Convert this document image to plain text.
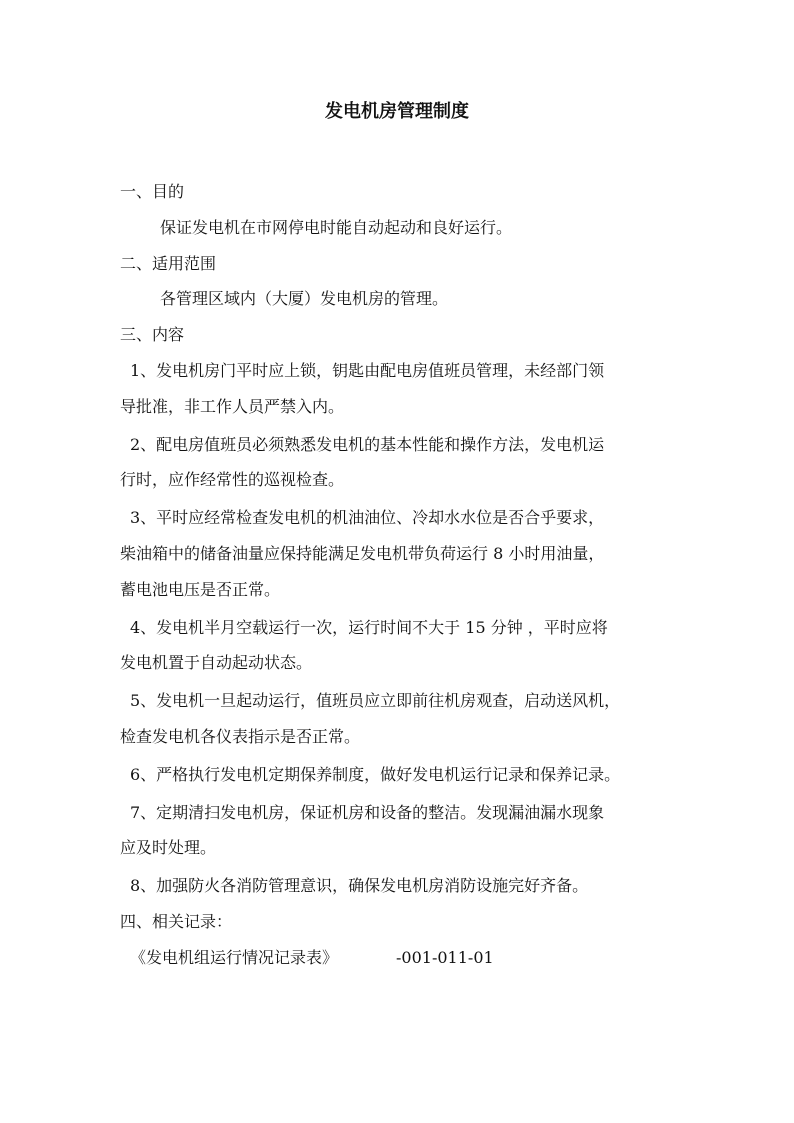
发电机房管理制度
一、目的
保证发电机在市网停电时能自动起动和良好运行。
二、适用范围
各管理区域内（大厦）发电机房的管理。
三、内容
1、发电机房门平时应上锁，钥匙由配电房值班员管理，未经部门领
导批准，非工作人员严禁入内。
2、配电房值班员必须熟悉发电机的基本性能和操作方法，发电机运
行时，应作经常性的巡视检查。
3、平时应经常检查发电机的机油油位、冷却水水位是否合乎要求，
柴油箱中的储备油量应保持能满足发电机带负荷运行 8 小时用油量，
蓄电池电压是否正常。
4、发电机半月空载运行一次，运行时间不大于 15 分钟 ，平时应将
发电机置于自动起动状态。
5、发电机一旦起动运行，值班员应立即前往机房观查，启动送风机，
检查发电机各仪表指示是否正常。
6、严格执行发电机定期保养制度，做好发电机运行记录和保养记录。
7、定期清扫发电机房，保证机房和设备的整洁。发现漏油漏水现象
应及时处理。
8、加强防火各消防管理意识，确保发电机房消防设施完好齐备。
四、相关记录：
《发电机组运行情况记录表》	-001-011-01
